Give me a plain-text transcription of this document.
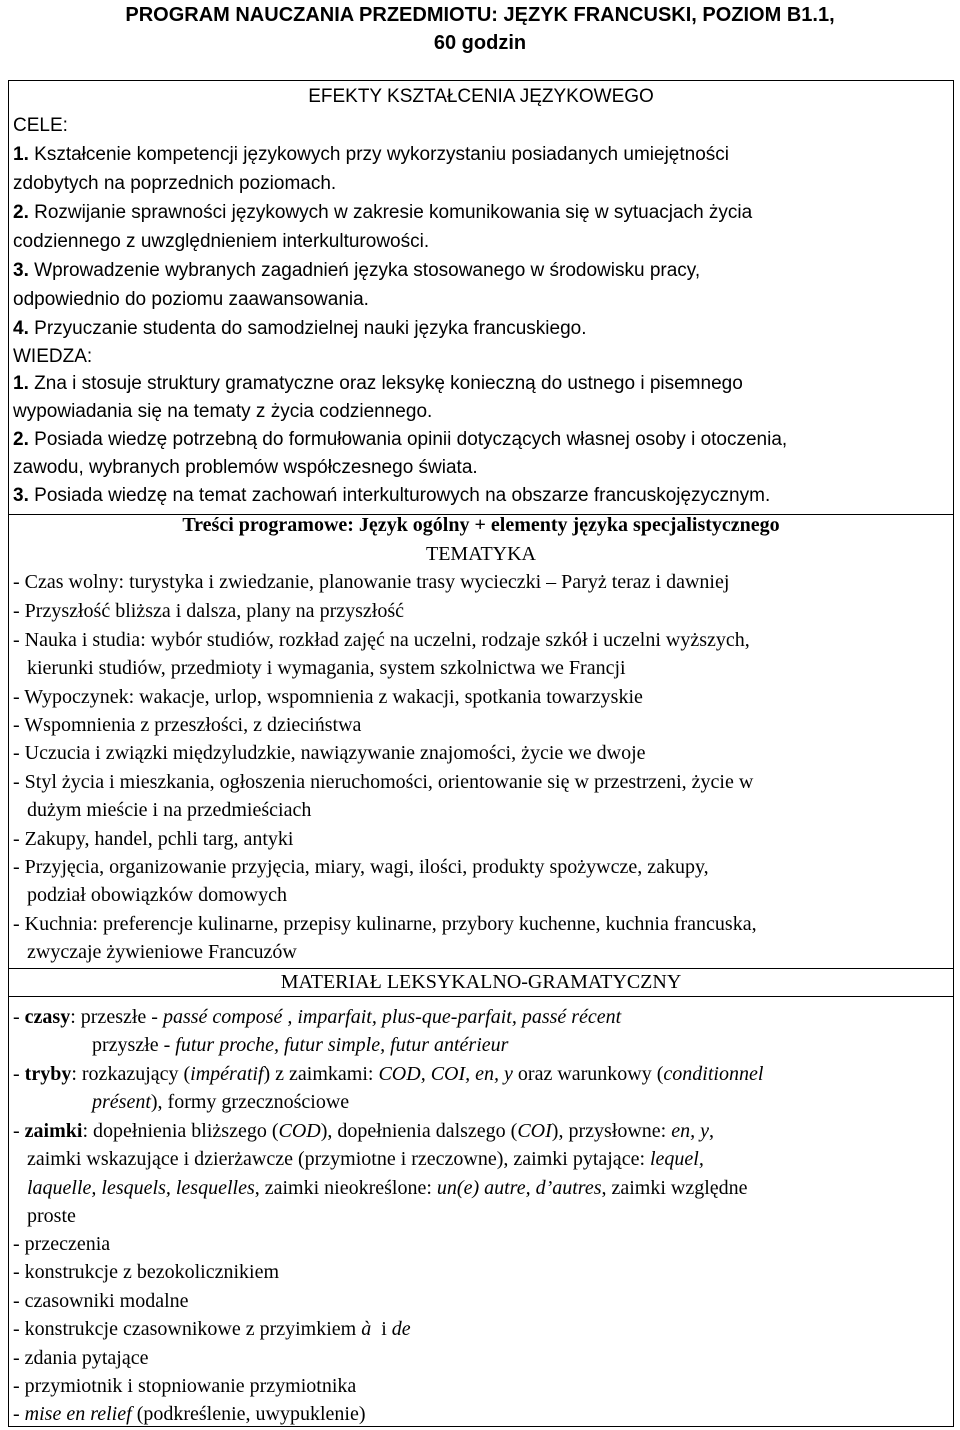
PROGRAM NAUCZANIA PRZEDMIOTU: JĘZYK FRANCUSKI, POZIOM B1.1,
60 godzin
EFEKTY KSZTAŁCENIA JĘZYKOWEGO
CELE:
1. Kształcenie kompetencji językowych przy wykorzystaniu posiadanych umiejętności
zdobytych na poprzednich poziomach.
2. Rozwijanie sprawności językowych w zakresie komunikowania się w sytuacjach życia
codziennego z uwzględnieniem interkulturowości.
3. Wprowadzenie wybranych zagadnień języka stosowanego w środowisku pracy,
odpowiednio do poziomu zaawansowania.
4. Przyuczanie studenta do samodzielnej nauki języka francuskiego.
WIEDZA:
1. Zna i stosuje struktury gramatyczne oraz leksykę konieczną do ustnego i pisemnego
wypowiadania się na tematy z życia codziennego.
2. Posiada wiedzę potrzebną do formułowania opinii dotyczących własnej osoby i otoczenia,
zawodu, wybranych problemów współczesnego świata.
3. Posiada wiedzę na temat zachowań interkulturowych na obszarze francuskojęzycznym.
Treści programowe: Język ogólny + elementy języka specjalistycznego
TEMATYKA
- Czas wolny: turystyka i zwiedzanie, planowanie trasy wycieczki – Paryż teraz i dawniej
- Przyszłość bliższa i dalsza, plany na przyszłość
- Nauka i studia: wybór studiów, rozkład zajęć na uczelni, rodzaje szkół i uczelni wyższych,
kierunki studiów, przedmioty i wymagania, system szkolnictwa we Francji
- Wypoczynek: wakacje, urlop, wspomnienia z wakacji, spotkania towarzyskie
- Wspomnienia z przeszłości, z dzieciństwa
- Uczucia i związki międzyludzkie, nawiązywanie znajomości, życie we dwoje
- Styl życia i mieszkania, ogłoszenia nieruchomości, orientowanie się w przestrzeni, życie w
dużym mieście i na przedmieściach
- Zakupy, handel, pchli targ, antyki
- Przyjęcia, organizowanie przyjęcia, miary, wagi, ilości, produkty spożywcze, zakupy,
podział obowiązków domowych
- Kuchnia: preferencje kulinarne, przepisy kulinarne, przybory kuchenne, kuchnia francuska,
zwyczaje żywieniowe Francuzów
MATERIAŁ LEKSYKALNO-GRAMATYCZNY
- czasy: przeszłe - passé composé , imparfait, plus-que-parfait, passé récent
przyszłe - futur proche, futur simple, futur antérieur
- tryby: rozkazujący (impératif) z zaimkami: COD, COI, en, y oraz warunkowy (conditionnel
présent), formy grzecznościowe
- zaimki: dopełnienia bliższego (COD), dopełnienia dalszego (COI), przysłowne: en, y,
zaimki wskazujące i dzierżawcze (przymiotne i rzeczowne), zaimki pytające: lequel,
laquelle, lesquels, lesquelles, zaimki nieokreślone: un(e) autre, d’autres, zaimki względne
proste
- przeczenia
- konstrukcje z bezokolicznikiem
- czasowniki modalne
- konstrukcje czasownikowe z przyimkiem à  i de
- zdania pytające
- przymiotnik i stopniowanie przymiotnika
- mise en relief (podkreślenie, uwypuklenie)
